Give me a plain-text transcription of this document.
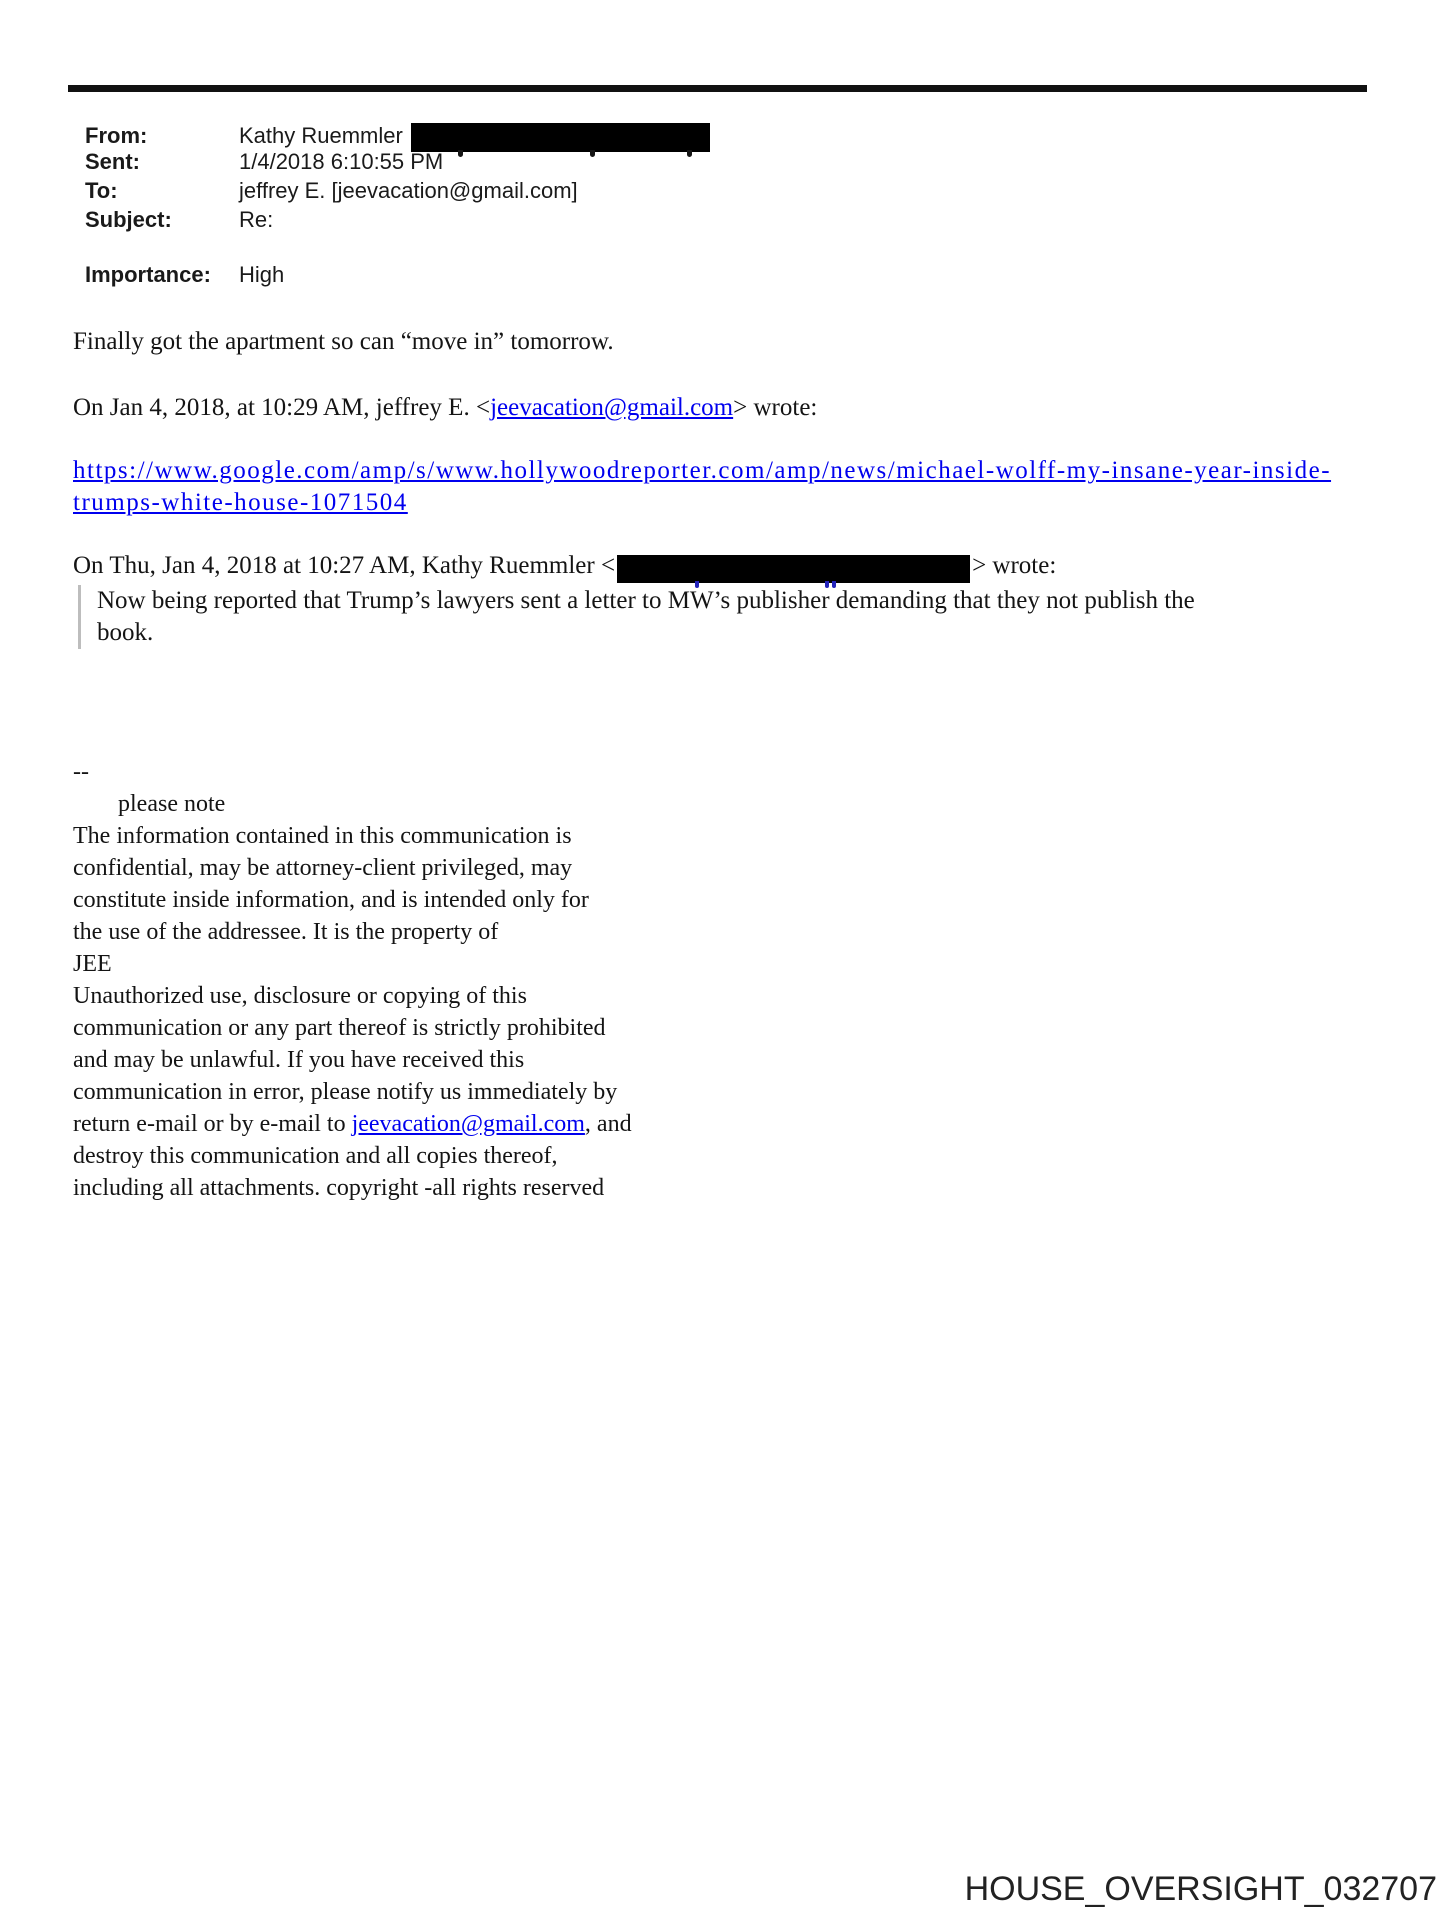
From:	Kathy Ruemmler
Sent:	1/4/2018 6:10:55 PM
To:	jeffrey E. [jeevacation@gmail.com]
Subject:	Re:
Importance: High
Finally got the apartment so can “move in” tomorrow.
On Jan 4, 2018, at 10:29 AM, jeffrey E. <jeevacation@gmail.com> wrote:
https://www.google.com/amp/s/www.hollywoodreporter.com/amp/news/michael-wolff-my-insane-year-inside-
trumps-white-house-1071504
On Thu, Jan 4, 2018 at 10:27 AM, Kathy Ruemmler <	> wrote:
Now being reported that Trump’s lawyers sent a letter to MW’s publisher demanding that they not publish the
book.
--
please note
The information contained in this communication is
confidential, may be attorney-client privileged, may
constitute inside information, and is intended only for
the use of the addressee. It is the property of
JEE
Unauthorized use, disclosure or copying of this
communication or any part thereof is strictly prohibited
and may be unlawful. If you have received this
communication in error, please notify us immediately by
return e-mail or by e-mail to jeevacation@gmail.com, and
destroy this communication and all copies thereof,
including all attachments. copyright -all rights reserved
HOUSE_OVERSIGHT_032707
